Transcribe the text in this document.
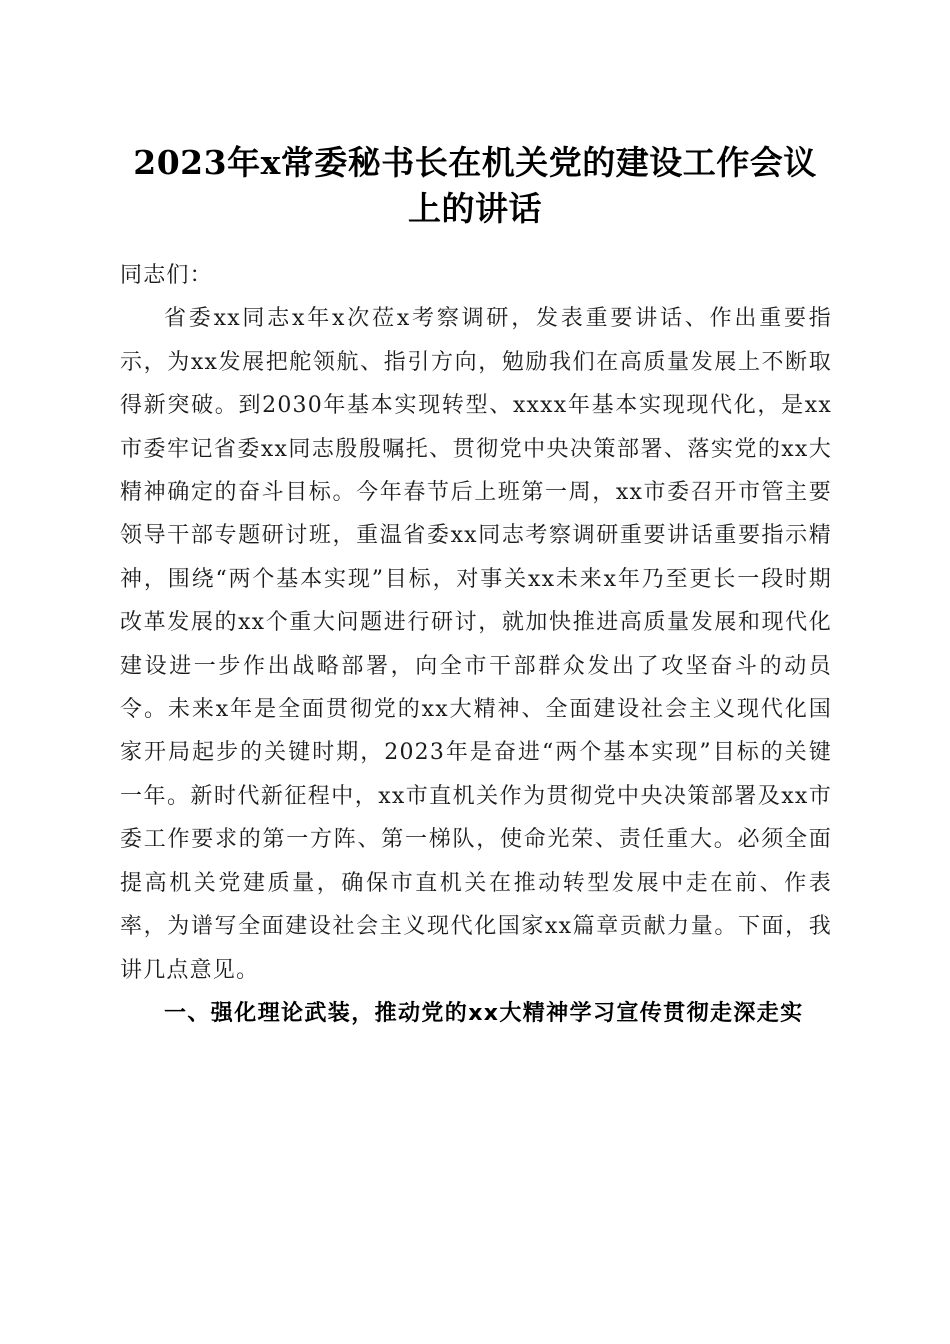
2023年x常委秘书长在机关党的建设工作会议
上的讲话

同志们：

省委xx同志x年x次莅x考察调研，发表重要讲话、作出重要指示，为xx发展把舵领航、指引方向，勉励我们在高质量发展上不断取得新突破。到2030年基本实现转型、xxxx年基本实现现代化，是xx市委牢记省委xx同志殷殷嘱托、贯彻党中央决策部署、落实党的xx大精神确定的奋斗目标。今年春节后上班第一周，xx市委召开市管主要领导干部专题研讨班，重温省委xx同志考察调研重要讲话重要指示精神，围绕“两个基本实现”目标，对事关xx未来x年乃至更长一段时期改革发展的xx个重大问题进行研讨，就加快推进高质量发展和现代化建设进一步作出战略部署，向全市干部群众发出了攻坚奋斗的动员令。未来x年是全面贯彻党的xx大精神、全面建设社会主义现代化国家开局起步的关键时期，2023年是奋进“两个基本实现”目标的关键一年。新时代新征程中，xx市直机关作为贯彻党中央决策部署及xx市委工作要求的第一方阵、第一梯队，使命光荣、责任重大。必须全面提高机关党建质量，确保市直机关在推动转型发展中走在前、作表率，为谱写全面建设社会主义现代化国家xx篇章贡献力量。下面，我讲几点意见。

一、强化理论武装，推动党的xx大精神学习宣传贯彻走深走实
